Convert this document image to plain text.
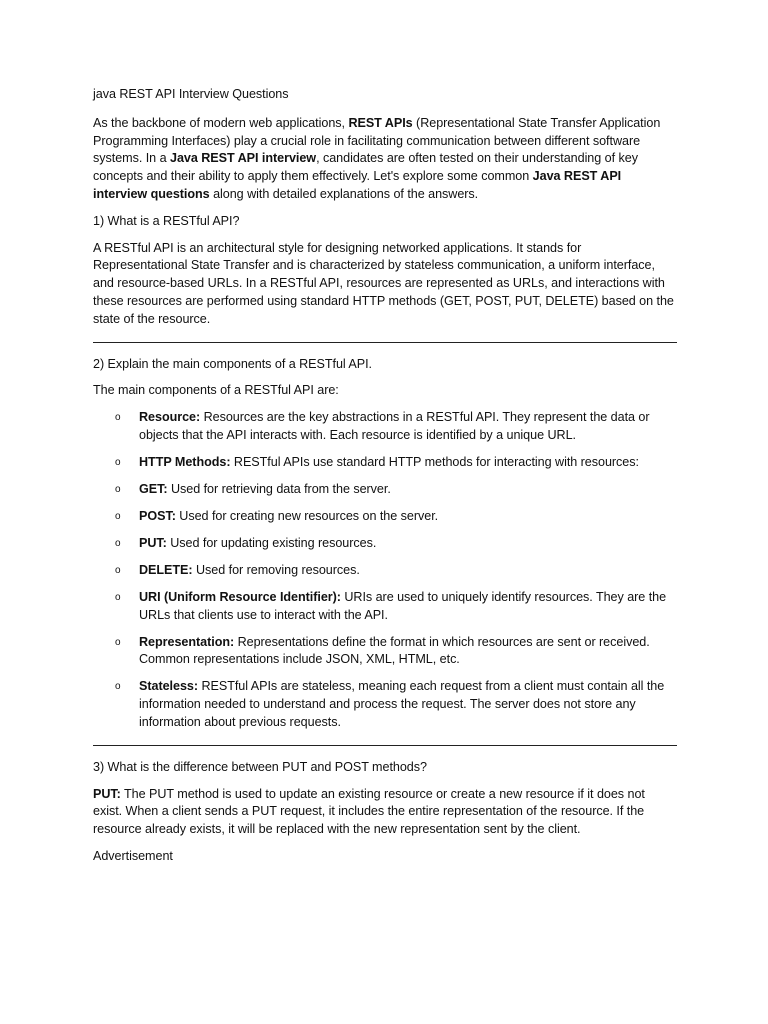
java REST API Interview Questions

As the backbone of modern web applications, REST APIs (Representational State Transfer Application Programming Interfaces) play a crucial role in facilitating communication between different software systems. In a Java REST API interview, candidates are often tested on their understanding of key concepts and their ability to apply them effectively. Let's explore some common Java REST API interview questions along with detailed explanations of the answers.

1) What is a RESTful API?

A RESTful API is an architectural style for designing networked applications. It stands for Representational State Transfer and is characterized by stateless communication, a uniform interface, and resource-based URLs. In a RESTful API, resources are represented as URLs, and interactions with these resources are performed using standard HTTP methods (GET, POST, PUT, DELETE) based on the state of the resource.

2) Explain the main components of a RESTful API.

The main components of a RESTful API are:

o Resource: Resources are the key abstractions in a RESTful API. They represent the data or objects that the API interacts with. Each resource is identified by a unique URL.
o HTTP Methods: RESTful APIs use standard HTTP methods for interacting with resources:
o GET: Used for retrieving data from the server.
o POST: Used for creating new resources on the server.
o PUT: Used for updating existing resources.
o DELETE: Used for removing resources.
o URI (Uniform Resource Identifier): URIs are used to uniquely identify resources. They are the URLs that clients use to interact with the API.
o Representation: Representations define the format in which resources are sent or received. Common representations include JSON, XML, HTML, etc.
o Stateless: RESTful APIs are stateless, meaning each request from a client must contain all the information needed to understand and process the request. The server does not store any information about previous requests.

3) What is the difference between PUT and POST methods?

PUT: The PUT method is used to update an existing resource or create a new resource if it does not exist. When a client sends a PUT request, it includes the entire representation of the resource. If the resource already exists, it will be replaced with the new representation sent by the client.

Advertisement
